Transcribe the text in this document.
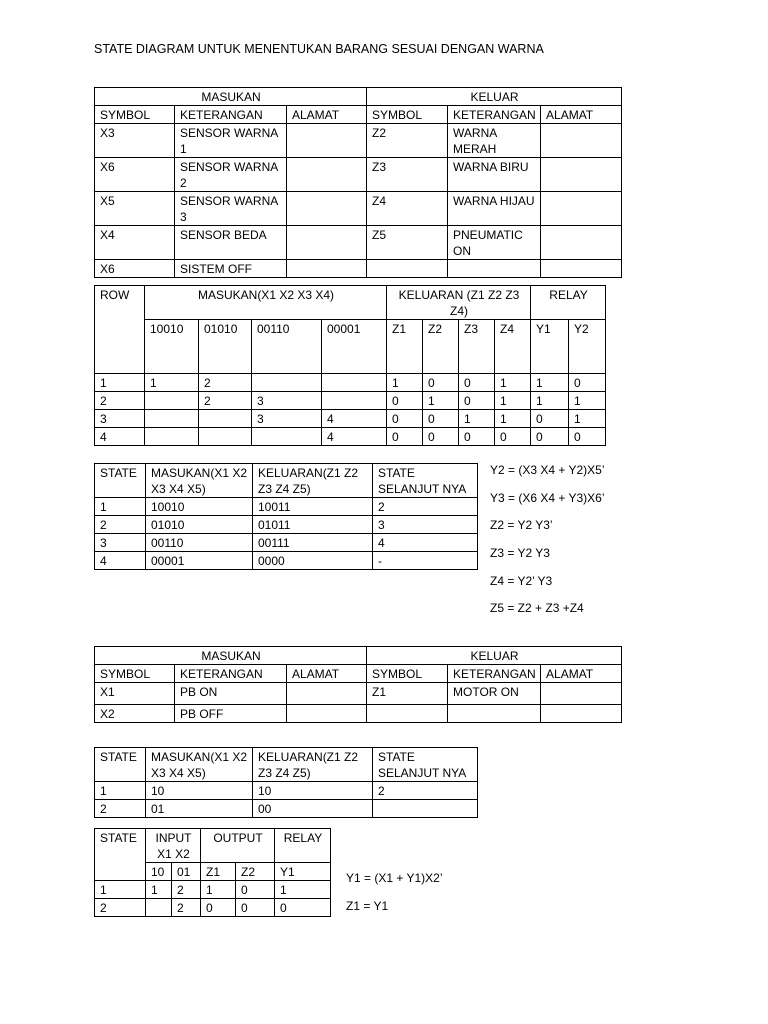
STATE DIAGRAM UNTUK MENENTUKAN BARANG SESUAI DENGAN WARNA
MASUKAN			KELUAR		
SYMBOL	KETERANGAN	ALAMAT	SYMBOL	KETERANGAN	ALAMAT
X3	SENSOR WARNA 1		Z2	WARNA MERAH	
X6	SENSOR WARNA 2		Z3	WARNA BIRU	
X5	SENSOR WARNA 3		Z4	WARNA HIJAU	
X4	SENSOR BEDA		Z5	PNEUMATIC ON	
X6	SISTEM OFF				
ROW	MASUKAN(X1 X2 X3 X4)				KELUARAN (Z1 Z2 Z3 Z4)				RELAY	
	10010	01010	00110	00001	Z1	Z2	Z3	Z4	Y1	Y2
1	1	2			1	0	0	1	1	0
2		2	3		0	1	0	1	1	1
3			3	4	0	0	1	1	0	1
4				4	0	0	0	0	0	0
STATE	MASUKAN(X1 X2 X3 X4 X5)	KELUARAN(Z1 Z2 Z3 Z4 Z5)	STATE SELANJUT NYA
1	10010	10011	2
2	01010	01011	3
3	00110	00111	4
4	00001	0000	-
Y2 = (X3 X4 + Y2)X5’
Y3 = (X6 X4 + Y3)X6’
Z2 = Y2 Y3’
Z3 = Y2 Y3
Z4 = Y2’ Y3
Z5 = Z2 + Z3 +Z4
MASUKAN			KELUAR		
SYMBOL	KETERANGAN	ALAMAT	SYMBOL	KETERANGAN	ALAMAT
X1	PB ON		Z1	MOTOR ON	
X2	PB OFF				
STATE	MASUKAN(X1 X2 X3 X4 X5)	KELUARAN(Z1 Z2 Z3 Z4 Z5)	STATE SELANJUT NYA
1	10	10	2
2	01	00	
STATE	INPUT X1 X2		OUTPUT		RELAY
	10	01	Z1	Z2	Y1
1	1	2	1	0	1
2		2	0	0	0
Y1 = (X1 + Y1)X2’
Z1 = Y1
